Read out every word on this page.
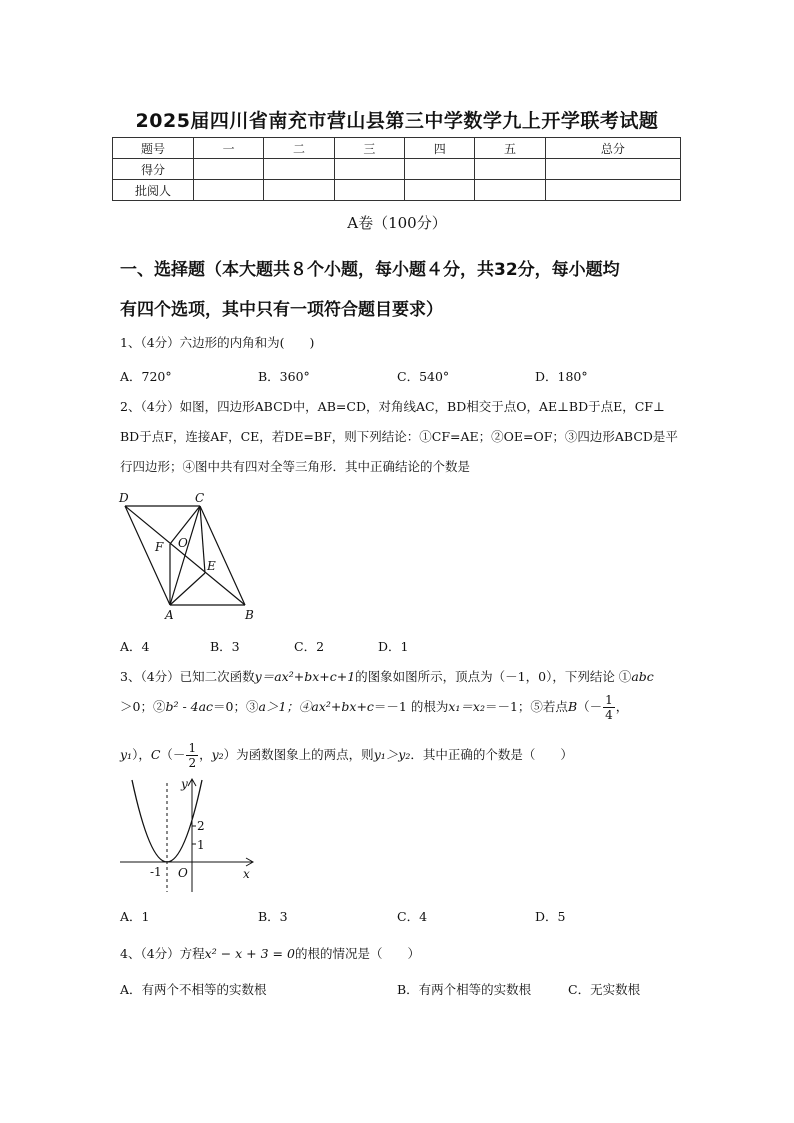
2025届四川省南充市营山县第三中学数学九上开学联考试题
题号	一	二	三	四	五	总分
得分						
批阅人						
A卷（100分）
一、选择题（本大题共８个小题，每小题４分，共32分，每小题均
有四个选项，其中只有一项符合题目要求）
1、（4分）六边形的内角和为(　　)
A．720°	B．360°	C．540°	D．180°
2、（4分）如图，四边形ABCD中，AB=CD，对角线AC，BD相交于点O，AE⊥BD于点E，CF⊥
BD于点F，连接AF，CE，若DE=BF，则下列结论：①CF=AE；②OE=OF；③四边形ABCD是平
行四边形；④图中共有四对全等三角形．其中正确结论的个数是
D	C
F O
E
A	B
A．4	B．3	C．2	D．1
3、（4分）已知二次函数y＝ax²+bx+c+1的图象如图所示，顶点为（－1，0），下列结论 ①abc
＞0；②b² - 4ac＝0；③a＞1；④ax²+bx+c＝－1 的根为x₁＝x₂＝－1；⑤若点$B(- \frac{1}{4}$ ，
y₁），$C(- \frac{1}{2}$ ，y₂）为函数图象上的两点，则y₁＞y₂．其中正确的个数是（　　）
y
x
O
-1
1
2
A．1	B．3	C．4	D．5
4、（4分）方程x² − x + 3 = 0的根的情况是（　　）
A．有两个不相等的实数根	B．有两个相等的实数根	C．无实数根
